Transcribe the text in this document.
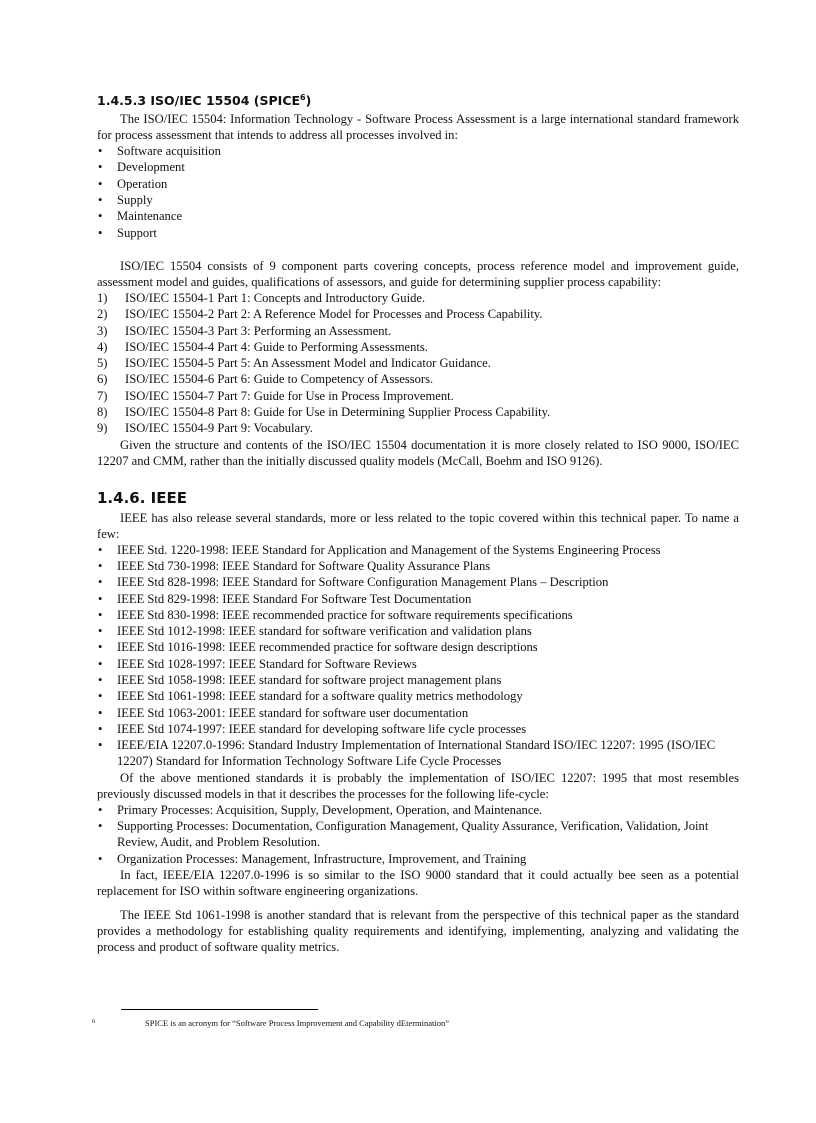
1.4.5.3 ISO/IEC 15504 (SPICE$^6$)

The ISO/IEC 15504: Information Technology - Software Process Assessment is a large international standard framework for process assessment that intends to address all processes involved in:

• Software acquisition
• Development
• Operation
• Supply
• Maintenance
• Support

ISO/IEC 15504 consists of 9 component parts covering concepts, process reference model and improvement guide, assessment model and guides, qualifications of assessors, and guide for determining supplier process capability:

1) ISO/IEC 15504-1 Part 1: Concepts and Introductory Guide.
2) ISO/IEC 15504-2 Part 2: A Reference Model for Processes and Process Capability.
3) ISO/IEC 15504-3 Part 3: Performing an Assessment.
4) ISO/IEC 15504-4 Part 4: Guide to Performing Assessments.
5) ISO/IEC 15504-5 Part 5: An Assessment Model and Indicator Guidance.
6) ISO/IEC 15504-6 Part 6: Guide to Competency of Assessors.
7) ISO/IEC 15504-7 Part 7: Guide for Use in Process Improvement.
8) ISO/IEC 15504-8 Part 8: Guide for Use in Determining Supplier Process Capability.
9) ISO/IEC 15504-9 Part 9: Vocabulary.

Given the structure and contents of the ISO/IEC 15504 documentation it is more closely related to ISO 9000, ISO/IEC 12207 and CMM, rather than the initially discussed quality models (McCall, Boehm and ISO 9126).

1.4.6. IEEE

IEEE has also release several standards, more or less related to the topic covered within this technical paper. To name a few:

• IEEE Std. 1220-1998: IEEE Standard for Application and Management of the Systems Engineering Process
• IEEE Std 730-1998: IEEE Standard for Software Quality Assurance Plans
• IEEE Std 828-1998: IEEE Standard for Software Configuration Management Plans – Description
• IEEE Std 829-1998: IEEE Standard For Software Test Documentation
• IEEE Std 830-1998: IEEE recommended practice for software requirements specifications
• IEEE Std 1012-1998: IEEE standard for software verification and validation plans
• IEEE Std 1016-1998: IEEE recommended practice for software design descriptions
• IEEE Std 1028-1997: IEEE Standard for Software Reviews
• IEEE Std 1058-1998: IEEE standard for software project management plans
• IEEE Std 1061-1998: IEEE standard for a software quality metrics methodology
• IEEE Std 1063-2001: IEEE standard for software user documentation
• IEEE Std 1074-1997: IEEE standard for developing software life cycle processes
• IEEE/EIA 12207.0-1996: Standard Industry Implementation of International Standard ISO/IEC 12207: 1995 (ISO/IEC 12207) Standard for Information Technology Software Life Cycle Processes

Of the above mentioned standards it is probably the implementation of ISO/IEC 12207: 1995 that most resembles previously discussed models in that it describes the processes for the following life-cycle:

• Primary Processes: Acquisition, Supply, Development, Operation, and Maintenance.
• Supporting Processes: Documentation, Configuration Management, Quality Assurance, Verification, Validation, Joint Review, Audit, and Problem Resolution.
• Organization Processes: Management, Infrastructure, Improvement, and Training

In fact, IEEE/EIA 12207.0-1996 is so similar to the ISO 9000 standard that it could actually bee seen as a potential replacement for ISO within software engineering organizations.

The IEEE Std 1061-1998 is another standard that is relevant from the perspective of this technical paper as the standard provides a methodology for establishing quality requirements and identifying, implementing, analyzing and validating the process and product of software quality metrics.

6	SPICE is an acronym for “Software Process Improvement and Capability dEtermination”
